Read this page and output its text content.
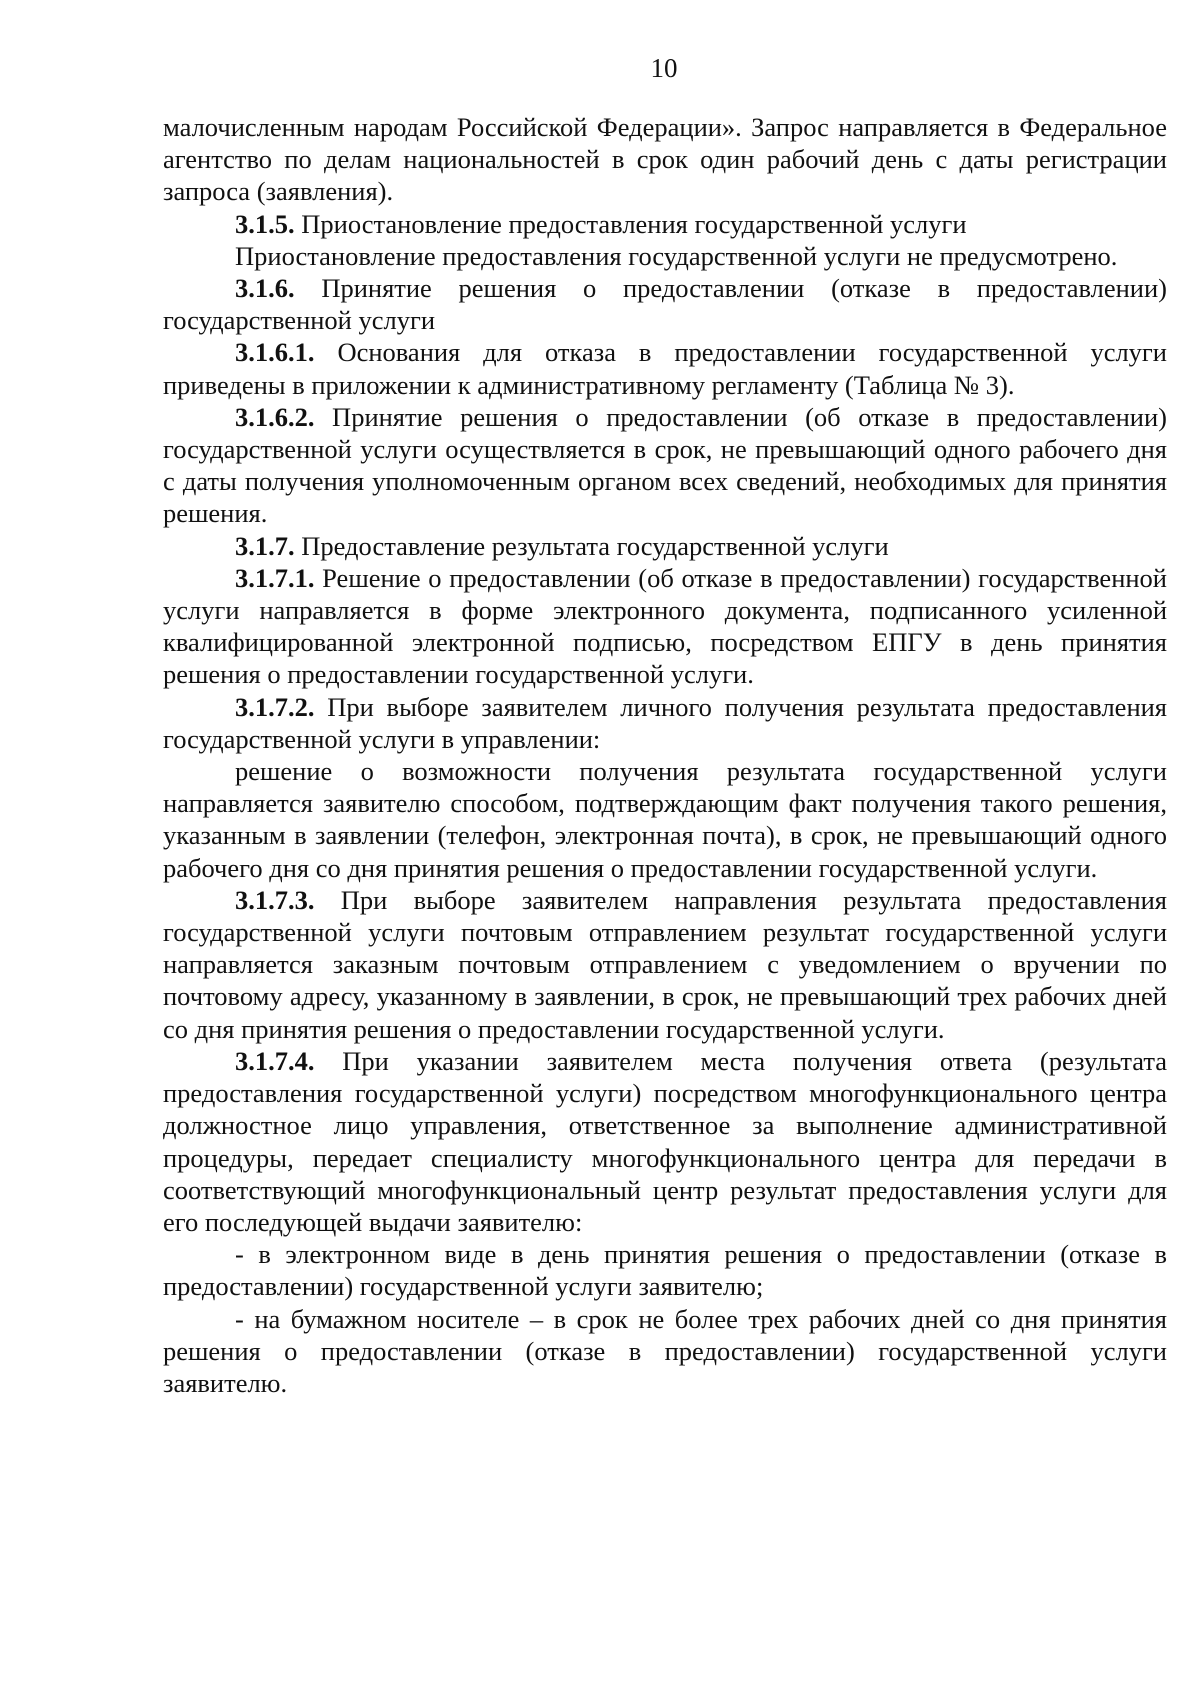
10

малочисленным народам Российской Федерации». Запрос направляется в Федеральное агентство по делам национальностей в срок один рабочий день с даты регистрации запроса (заявления).

3.1.5. Приостановление предоставления государственной услуги

Приостановление предоставления государственной услуги не предусмотрено.

3.1.6. Принятие решения о предоставлении (отказе в предоставлении) государственной услуги

3.1.6.1. Основания для отказа в предоставлении государственной услуги приведены в приложении к административному регламенту (Таблица № 3).

3.1.6.2. Принятие решения о предоставлении (об отказе в предоставлении) государственной услуги осуществляется в срок, не превышающий одного рабочего дня с даты получения уполномоченным органом всех сведений, необходимых для принятия решения.

3.1.7. Предоставление результата государственной услуги

3.1.7.1. Решение о предоставлении (об отказе в предоставлении) государственной услуги направляется в форме электронного документа, подписанного усиленной квалифицированной электронной подписью, посредством ЕПГУ в день принятия решения о предоставлении государственной услуги.

3.1.7.2. При выборе заявителем личного получения результата предоставления государственной услуги в управлении:

решение о возможности получения результата государственной услуги направляется заявителю способом, подтверждающим факт получения такого решения, указанным в заявлении (телефон, электронная почта), в срок, не превышающий одного рабочего дня со дня принятия решения о предоставлении государственной услуги.

3.1.7.3. При выборе заявителем направления результата предоставления государственной услуги почтовым отправлением результат государственной услуги направляется заказным почтовым отправлением с уведомлением о вручении по почтовому адресу, указанному в заявлении, в срок, не превышающий трех рабочих дней со дня принятия решения о предоставлении государственной услуги.

3.1.7.4. При указании заявителем места получения ответа (результата предоставления государственной услуги) посредством многофункционального центра должностное лицо управления, ответственное за выполнение административной процедуры, передает специалисту многофункционального центра для передачи в соответствующий многофункциональный центр результат предоставления услуги для его последующей выдачи заявителю:

- в электронном виде в день принятия решения о предоставлении (отказе в предоставлении) государственной услуги заявителю;

- на бумажном носителе – в срок не более трех рабочих дней со дня принятия решения о предоставлении (отказе в предоставлении) государственной услуги заявителю.
